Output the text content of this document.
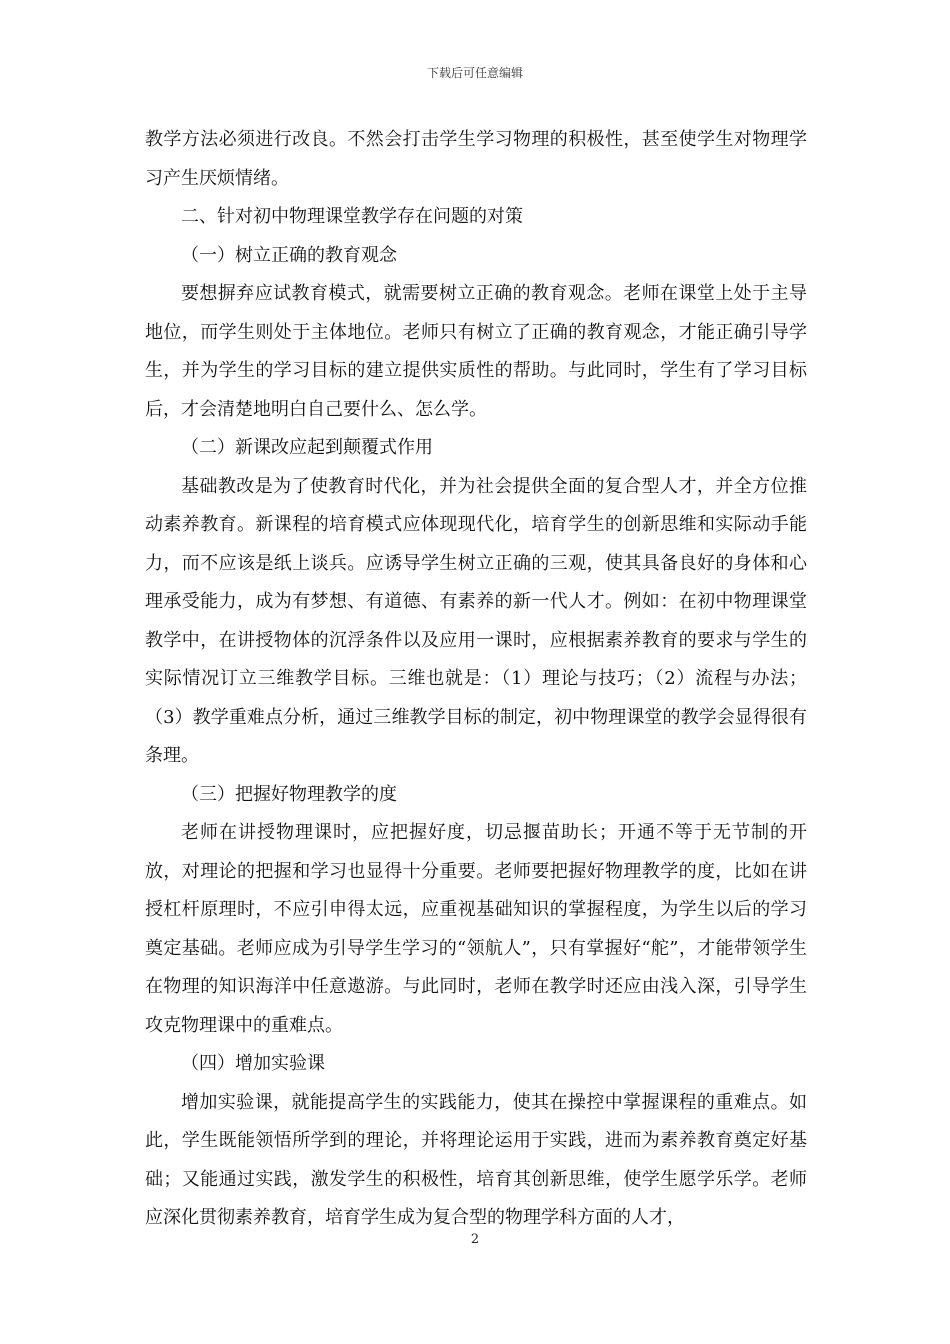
下载后可任意编辑

教学方法必须进行改良。不然会打击学生学习物理的积极性，甚至使学生对物理学习产生厌烦情绪。

二、针对初中物理课堂教学存在问题的对策

（一）树立正确的教育观念

要想摒弃应试教育模式，就需要树立正确的教育观念。老师在课堂上处于主导地位，而学生则处于主体地位。老师只有树立了正确的教育观念，才能正确引导学生，并为学生的学习目标的建立提供实质性的帮助。与此同时，学生有了学习目标后，才会清楚地明白自己要什么、怎么学。

（二）新课改应起到颠覆式作用

基础教改是为了使教育时代化，并为社会提供全面的复合型人才，并全方位推动素养教育。新课程的培育模式应体现现代化，培育学生的创新思维和实际动手能力，而不应该是纸上谈兵。应诱导学生树立正确的三观，使其具备良好的身体和心理承受能力，成为有梦想、有道德、有素养的新一代人才。例如：在初中物理课堂教学中，在讲授物体的沉浮条件以及应用一课时，应根据素养教育的要求与学生的实际情况订立三维教学目标。三维也就是：（1）理论与技巧；（2）流程与办法；（3）教学重难点分析，通过三维教学目标的制定，初中物理课堂的教学会显得很有条理。

（三）把握好物理教学的度

老师在讲授物理课时，应把握好度，切忌揠苗助长；开通不等于无节制的开放，对理论的把握和学习也显得十分重要。老师要把握好物理教学的度，比如在讲授杠杆原理时，不应引申得太远，应重视基础知识的掌握程度，为学生以后的学习奠定基础。老师应成为引导学生学习的“领航人”，只有掌握好“舵”，才能带领学生在物理的知识海洋中任意遨游。与此同时，老师在教学时还应由浅入深，引导学生攻克物理课中的重难点。

（四）增加实验课

增加实验课，就能提高学生的实践能力，使其在操控中掌握课程的重难点。如此，学生既能领悟所学到的理论，并将理论运用于实践，进而为素养教育奠定好基础；又能通过实践，激发学生的积极性，培育其创新思维，使学生愿学乐学。老师应深化贯彻素养教育，培育学生成为复合型的物理学科方面的人才，

2
